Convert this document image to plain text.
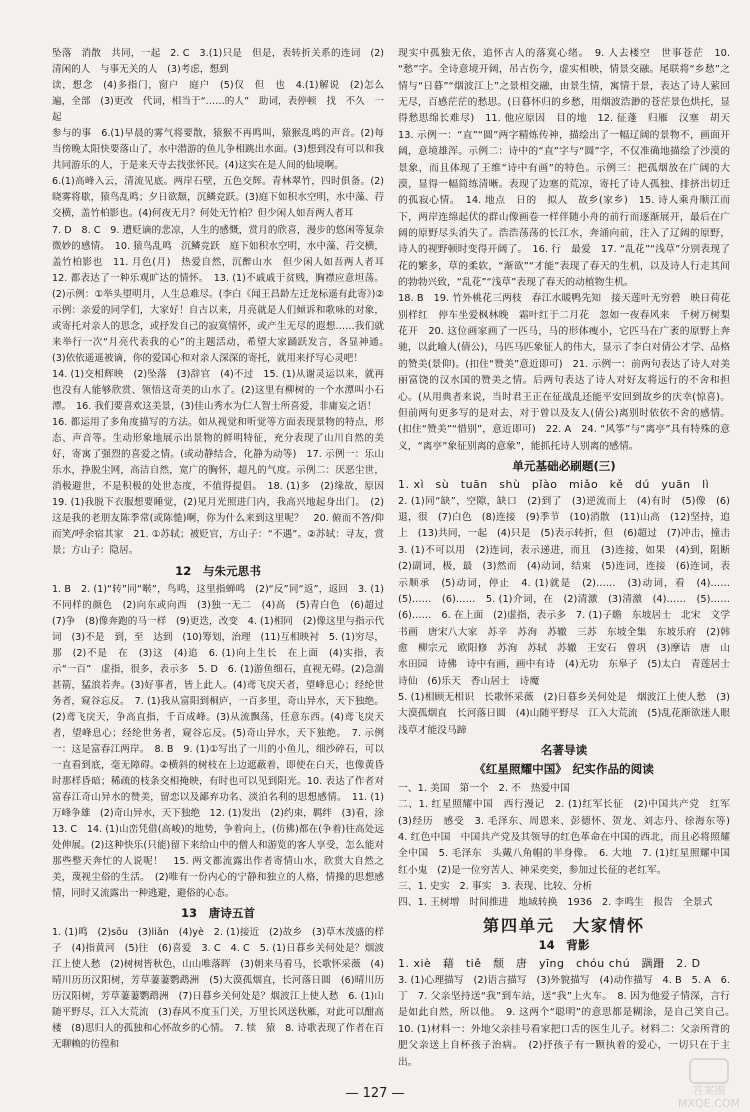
坠落　消散　共同，一起　2. C　3.(1)只是　但是，表转折关系的连词　(2)清闲的人　与事无关的人　(3)考虑，想到
读，想念　(4)多指门，窗户　庭户　(5)仅　但　也　4.(1)解说　(2)怎么　遍，全部　(3)更改　代词，相当于“……的人”　助词，表停顿　找　不久　一起
参与的事　6.(1)早晨的雾气将要散，猿猴不再鸣叫，猿猴乱鸣的声音。(2)每当傍晚太阳快要落山了，水中潜游的鱼儿争相跳出水面。(3)想到没有可以和我共同游乐的人，于是来天寺去找张怀民。(4)这实在是人间的仙境啊。
6.(1)高峰入云，清流见底。两岸石壁，五色交辉。青林翠竹，四时俱备。(2)晓雾将歇，猿鸟乱鸣；夕日欲颓，沉鳞竞跃。(3)庭下如积水空明，水中藻、荇交横，盖竹柏影也。(4)何夜无月？何处无竹柏？但少闲人如吾两人者耳
7. D　8. C　9. 遭贬谪的悲凉，人生的感慨，赏月的欣喜，漫步的悠闲等复杂微妙的感情。　10. 猿鸟乱鸣　沉鳞竞跃　庭下如积水空明，水中藻、荇交横，盖竹柏影也　11. 月色(月)　热爱自然，沉醉山水　但少闲人如吾两人者耳　12. 都表达了一种乐观旷达的情怀。　13. (1)不戚戚于贫贱，胸襟应意坦荡。(2)示例：①举头望明月，人生总难尽。(李白《闻王昌龄左迁龙标遥有此寄》)②示例：亲爱的同学们，大家好！自古以来，月亮就是人们倾诉和歌咏的对象，或寄托对亲人的思念，或抒发自己的寂寞情怀，或产生无尽的遐想……我们就来举行一次“月亮代表我的心”的主题活动，希望大家踊跃发言，各显神通。　(3)依依遥遥被谪，你的爱国心和对亲人深深的寄托，就用来抒写心灵吧！
14. (1)交相辉映　(2)坠落　(3)辞官　(4)不过　15. (1)从谢灵运以来，就再也没有人能够欣赏、领悟这奇美的山水了。(2)这里有柳树的一个水潭叫小石潭。　16. 我们要喜欢这美景，(3)佳山秀水为仁人智士所喜爱，非庸妄之语！
16. 都运用了多角度描写的方法。如从视觉和听觉等方面表现景物的特点，形态、声音等。生动形象地展示出景物的鲜明特征，充分表现了山川自然的美好，寄寓了强烈的喜爱之情。(或动静结合，化静为动等)　17. 示例一：乐山乐水，挣脱尘网，高洁自然，宽广的胸怀，超凡的气度。示例二：厌恶尘世，消极避世，不是积极的处世态度，不值得提倡。　18. (1)多　(2)缘故，原因　19. (1)我脱下衣服想要睡觉，(2)见月光照进门内，我高兴地起身出门。　(2)这是我的老朋友陈季常(或陈慥)啊，你为什么来到这里呢？　20. 俯而不答/仰而笑/呼余宿其家　21. ①苏轼；被贬官，方山子：“不遇”。②苏轼：寻友，赏景；方山子：隐居。
12　与朱元思书
1. B　2. (1)“转”同“啭”，鸟鸣，这里指蝉鸣　(2)“反”同“返”，返回　3. (1)不同样的颜色　(2)向东或向西　(3)独一无二　(4)高　(5)青白色　(6)超过　(7)争　(8)像奔跑的马一样　(9)更迭，改变　4. (1)相同　(2)像这里与指示代词　(3)不是　到，至　达到　(10)筹划，治理　(11)互相映衬　5. (1)穷尽，那　(2)不是　在　(3)这　(4)追　6. (1)向上生长　在上面　(4)实指，表示“一百”　虚指，很多，表示多　5. D　6. (1)游鱼细石，直视无碍。(2)急湍甚箭，猛浪若奔。(3)好事者，皆上此人。(4)鸢飞戾天者，望峰息心；经纶世务者，窥谷忘反。　7. (1)我从富阳到桐庐，一百多里，奇山异水，天下独绝。(2)鸢飞戾天，争高直指，千百成峰。(3)从流飘荡，任意东西。(4)鸢飞戾天者，望峰息心；经纶世务者，窥谷忘反。(5)奇山异水，天下独绝。　7. 示例一：这是富春江两岸。　8. B　9. (1)①写出了一川的小鱼儿，细沙碎石，可以一直看到底，毫无障碍。②横斜的树枝在上边遮蔽着，即使在白天，也像黄昏时那样昏暗；稀疏的枝条交相掩映，有时也可以见到阳光。10. 表达了作者对富春江奇山异水的赞美，留恋以及鄙弃功名、淡泊名利的思想感情。　11. (1)万峰争雄　(2)奇山异水，天下独绝　12. (1)发出　(2)约束，羁绊　(3)看，涂　13. C　14. (1)山峦凭借(高峻)的地势，争着向上，(仿佛)都在(争着)往高处远处伸展。(2)这种快乐(只能)留下来给山中的僧人和游览的客人享受，怎么能对那些整天奔忙的人说呢！　15. 两文都流露出作者寄情山水，欣赏大自然之美，蔑视尘俗的生活。　(2)唯有一份内心的宁静和独立的人格，情操的思想感情，同时又流露出一种逃避，避俗的心态。
13　唐诗五首
1. (1)鸣　(2)sōu　(3)liǎn　(4)yè　2. (1)接近　(2)故乡　(3)草木茂盛的样子　(4)指黄河　(5)往　(6)喜爱　3. C　4. C　5. (1)日暮乡关何处是？烟波江上使人愁　(2)树树皆秋色，山山唯落晖　(3)朝来马看马，长歌怀采薇　(4)晴川历历汉阳树，芳草萋萋鹦鹉洲　(5)大漠孤烟直，长河落日圆　(6)晴川历历汉阳树，芳草萋萋鹦鹉洲　(7)日暮乡关何处是？烟波江上使人愁　6. (1)山随平野尽，江入大荒流　(3)春风不度玉门关，万里长风送秋雁，对此可以酣高楼　(8)思归人的孤独和心怀故乡的心情。　7. 犊　猿　8. 诗歌表现了作者在百无聊赖的彷徨和
现实中孤独无依，追怀古人的落寞心绪。　9. 人去楼空　世事苍茫　10. “愁”字。全诗意境开阔，吊古伤今，虚实相映，情景交融。尾联将“乡愁”之情与“日暮”“烟波江上”之景相交融，由景生情，寓情于景，表达了诗人萦回无尽，百感茫茫的愁思。(日暮怀归的乡愁，用烟波浩渺的苍茫景色烘托，显得愁思绵长难尽)　11. 他应原因　目的地　12. 征蓬　归雁　汉塞　胡天　13. 示例一：“直”“圆”两字精炼传神，描绘出了一幅辽阔的景物不，画面开阔，意境雄浑。示例二：诗中的“直”字与“圆”字，不仅准确地描绘了沙漠的景象，而且体现了王维“诗中有画”的特色。示例三：把孤烟放在广阔的大漠，显得一幅简练清晰。表现了边塞的荒凉，寄托了诗人孤独、排挤出切迁的孤寂心情。　14. 地点　日的　拟人　故乡(家乡)　15. 诗人乘舟顺江而下，两岸连绵起伏的群山像画卷一样伴随小舟的前行而逐渐展开，最后在广阔的原野尽头消失了。浩浩荡荡的长江水，奔涌向前，注入了辽阔的原野，诗人的视野顿时变得开阔了。　16. 行　最爱　17. “乱花”“浅草”分别表现了花的繁多，草的柔软，“渐欲”“才能”表现了春天的生机，以及诗人行走其间的勃勃兴致，“乱花”“浅草”表现了春天的动植物生机。
18. B　19. 竹外桃花三两枝　春江水暖鸭先知　接天莲叶无穷碧　映日荷花别样红　停车坐爱枫林晚　霜叶红于二月花　忽如一夜春风来　千树万树梨花开　20. 这位画家画了一匹马，马的形体瘦小，它匹马在广袤的原野上奔驰，以此喻人(倩公)，马匹马匹象征人的伟大，显示了李白对倩公才学、品格的赞美(景仰)。(扣住“赞美”意近即可)　21. 示例一：前两句表达了诗人对美丽富饶的汉水国的赞美之情。后两句表达了诗人对好友将远行的不舍和担心。(从用典者来说，当时君王正在征战乱还能平安回到故乡的庆幸(惊喜)。但前两句更多写的是对去，对于曾以及友人(倩公)离别时依依不舍的感情。(扣住“赞美”“惜别”，意近即可)　22. A　24. “风筝”与“离亭”具有特殊的意义，“离亭”象征别离的意象”，能抓托诗人别离的感情。
单元基础必刷题(三)
1. xì　sù　tuān　shù　pǐào　miǎo　kě　dú　yuān　lì
2. (1)同“缺”，空隙，缺口　(2)到了　(3)逆流而上　(4)有时　(5)像　(6)退，很　(7)白色　(8)连接　(9)季节　(10)消散　(11)山高　(12)坚持，追上　(13)共同，一起　(4)只是　(5)表示转折，但　(6)超过　(7)冲击，撞击　3. (1)不可以用　(2)连词，表示递进，而且　(3)连接，如果　(4)到，阻断　(2)副词，极，最　(3)然而　(4)动词，结束　(5)连词，连接　(6)连词，表示顺承　(5)动词，停止　4. (1)就是　(2)……　(3)动词，看　(4)……　(5)……　(6)……　5. (1)介词，在　(2)清激　(3)清激　(4)……　(5)……　(6)……　6. 在上面　(2)虚指，表示多　7. (1)子瞻　东坡居士　北宋　文学　书画　唐宋八大家　苏辛　苏洵　苏辙　三苏　东坡全集　东坡乐府　(2)韩愈　柳宗元　欧阳修　苏洵　苏轼　苏辙　王安石　曾巩　(3)摩诘　唐　山水田园　诗佛　诗中有画，画中有诗　(4)无功　东皋子　(5)太白　青莲居士　诗仙　(6)乐天　香山居士　诗魔
5. (1)相顾无相识　长歌怀采薇　(2)日暮乡关何处是　烟波江上使人愁　(3)大漠孤烟直　长河落日圆　(4)山随平野尽　江入大荒流　(5)乱花渐欲迷人眼　浅草才能没马蹄
名著导读
《红星照耀中国》　纪实作品的阅读
一、1. 美国　第一个　2. 不　热爱中国
二、1. 红星照耀中国　西行漫记　2. (1)红军长征　(2)中国共产党　红军　(3)经历　感受　3. 毛泽东、周恩来、彭德怀、贺龙、刘志丹、徐海东等)　4. 红色中国　中国共产党及其领导的红色革命在中国的西北，而且必将照耀全中国　5. 毛泽东　头戴八角帽的半身像。　6. 大地　7. (1)红星照耀中国　红小鬼　(2)是一位穷苦人、神采奕奕，参加过长征的老红军。
三、1. 史实　2. 事实　3. 表现、比较、分析
四、1. 王树增　时间推进　地域转换　1936　2. 李鸣生　报告　全景式
第四单元　大家情怀
14　背影
1. xiè　藉　tiě　颓　唐　yīng　chóu chú　蹒跚　2. D
3. (1)心理描写　(2)语言描写　(3)外貌描写　(4)动作描写　4. B　5. A　6. 丁　7. 父亲坚持送“我”到车站，送“我”上火车。　8. 因为他爱子情深，言行是如此自然，所以他。　9. 这两个“聪明”的意思都是糊涂，是自己笑自己。　10. (1)材料一：外地父亲挂号看家把口舌的医生儿子。材料二：父亲所背的肥父亲送上自杯孩子治病。　(2)抒孩子有一颗执着的爱心，一切只在于主出。
— 127 —	答案圈
MXQE.COM
